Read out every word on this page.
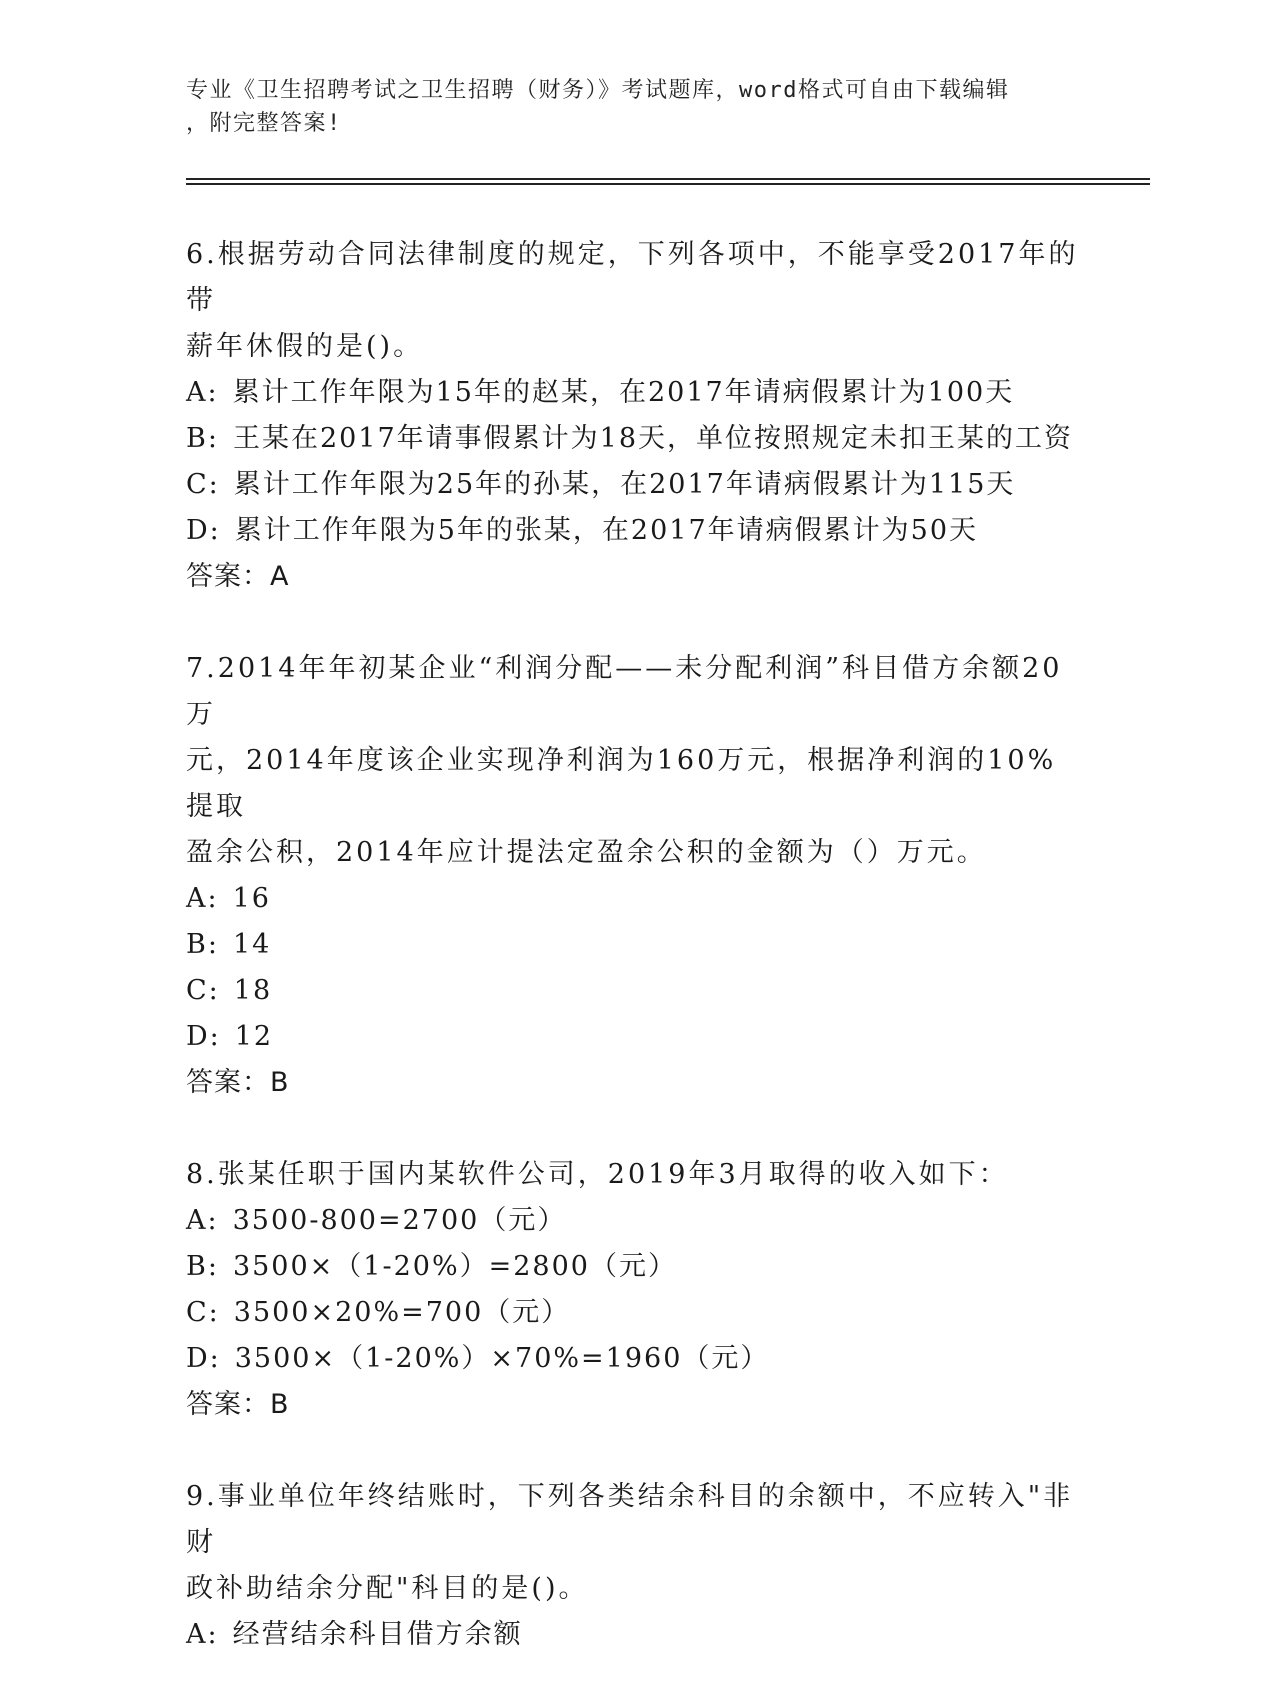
专业《卫生招聘考试之卫生招聘（财务）》考试题库，word格式可自由下载编辑
，附完整答案!

6.根据劳动合同法律制度的规定，下列各项中，不能享受2017年的带

薪年休假的是()。

A: 累计工作年限为15年的赵某，在2017年请病假累计为100天

B: 王某在2017年请事假累计为18天，单位按照规定未扣王某的工资

C: 累计工作年限为25年的孙某，在2017年请病假累计为115天

D: 累计工作年限为5年的张某，在2017年请病假累计为50天

答案：A

7.2014年年初某企业“利润分配——未分配利润”科目借方余额20万

元，2014年度该企业实现净利润为160万元，根据净利润的10%提取

盈余公积，2014年应计提法定盈余公积的金额为（）万元。

A: 16

B: 14

C: 18

D: 12

答案：B

8.张某任职于国内某软件公司，2019年3月取得的收入如下：

A: 3500-800=2700（元）

B: 3500×（1-20%）=2800（元）

C: 3500×20%=700（元）

D: 3500×（1-20%）×70%=1960（元）

答案：B

9.事业单位年终结账时，下列各类结余科目的余额中，不应转入"非财

政补助结余分配"科目的是()。

A: 经营结余科目借方余额
